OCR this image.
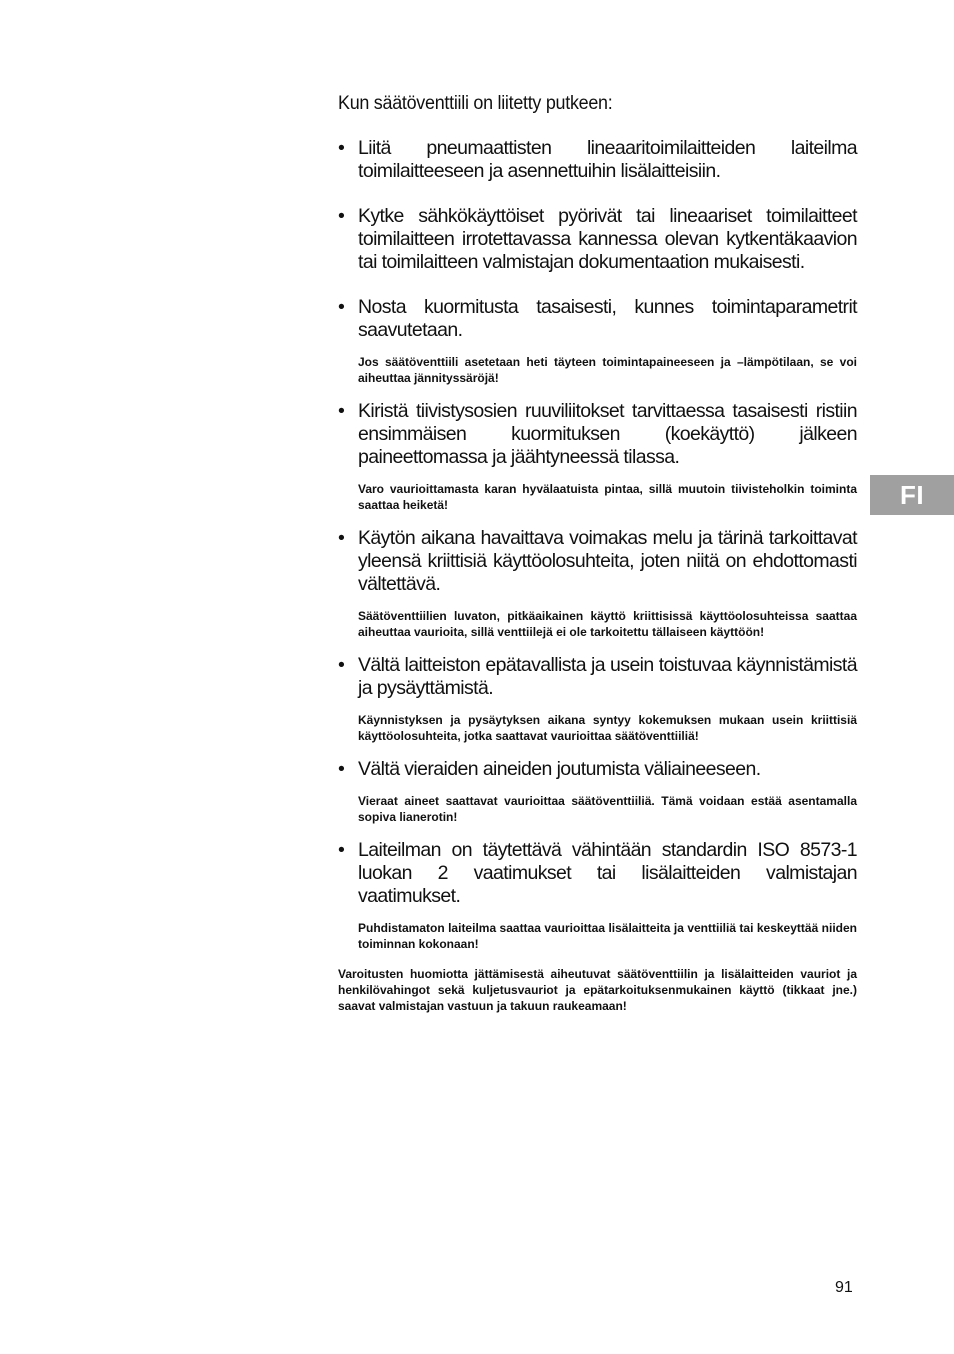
Kun säätöventtiili on liitetty putkeen:

• Liitä pneumaattisten lineaaritoimilaitteiden laiteilma toimilaitteeseen ja asennettuihin lisälaitteisiin.
• Kytke sähkökäyttöiset pyörivät tai lineaariset toimilaitteet toimilaitteen irrotettavassa kannessa olevan kytkentäkaavion tai toimilaitteen valmistajan dokumentaation mukaisesti.
• Nosta kuormitusta tasaisesti, kunnes toimintaparametrit saavutetaan.

Jos säätöventtiili asetetaan heti täyteen toimintapaineeseen ja –lämpötilaan, se voi aiheuttaa jännityssäröjä!

• Kiristä tiivistysosien ruuviliitokset tarvittaessa tasaisesti ristiin ensimmäisen kuormituksen (koekäyttö) jälkeen paineettomassa ja jäähtyneessä tilassa.

Varo vaurioittamasta karan hyvälaatuista pintaa, sillä muutoin tiivisteholkin toiminta saattaa heiketä!

• Käytön aikana havaittava voimakas melu ja tärinä tarkoittavat yleensä kriittisiä käyttöolosuhteita, joten niitä on ehdottomasti vältettävä.

Säätöventtiilien luvaton, pitkäaikainen käyttö kriittisissä käyttöolosuhteissa saattaa aiheuttaa vaurioita, sillä venttiilejä ei ole tarkoitettu tällaiseen käyttöön!

• Vältä laitteiston epätavallista ja usein toistuvaa käynnistämistä ja pysäyttämistä.

Käynnistyksen ja pysäytyksen aikana syntyy kokemuksen mukaan usein kriittisiä käyttöolosuhteita, jotka saattavat vaurioittaa säätöventtiiliä!

• Vältä vieraiden aineiden joutumista väliaineeseen.

Vieraat aineet saattavat vaurioittaa säätöventtiiliä. Tämä voidaan estää asentamalla sopiva lianerotin!

• Laiteilman on täytettävä vähintään standardin ISO 8573-1 luokan 2 vaatimukset tai lisälaitteiden valmistajan vaatimukset.

Puhdistamaton laiteilma saattaa vaurioittaa lisälaitteita ja venttiiliä tai keskeyttää niiden toiminnan kokonaan!

Varoitusten huomiotta jättämisestä aiheutuvat säätöventtiilin ja lisälaitteiden vauriot ja henkilövahingot sekä kuljetusvauriot ja epätarkoituksenmukainen käyttö (tikkaat jne.) saavat valmistajan vastuun ja takuun raukeamaan!

FI
91
